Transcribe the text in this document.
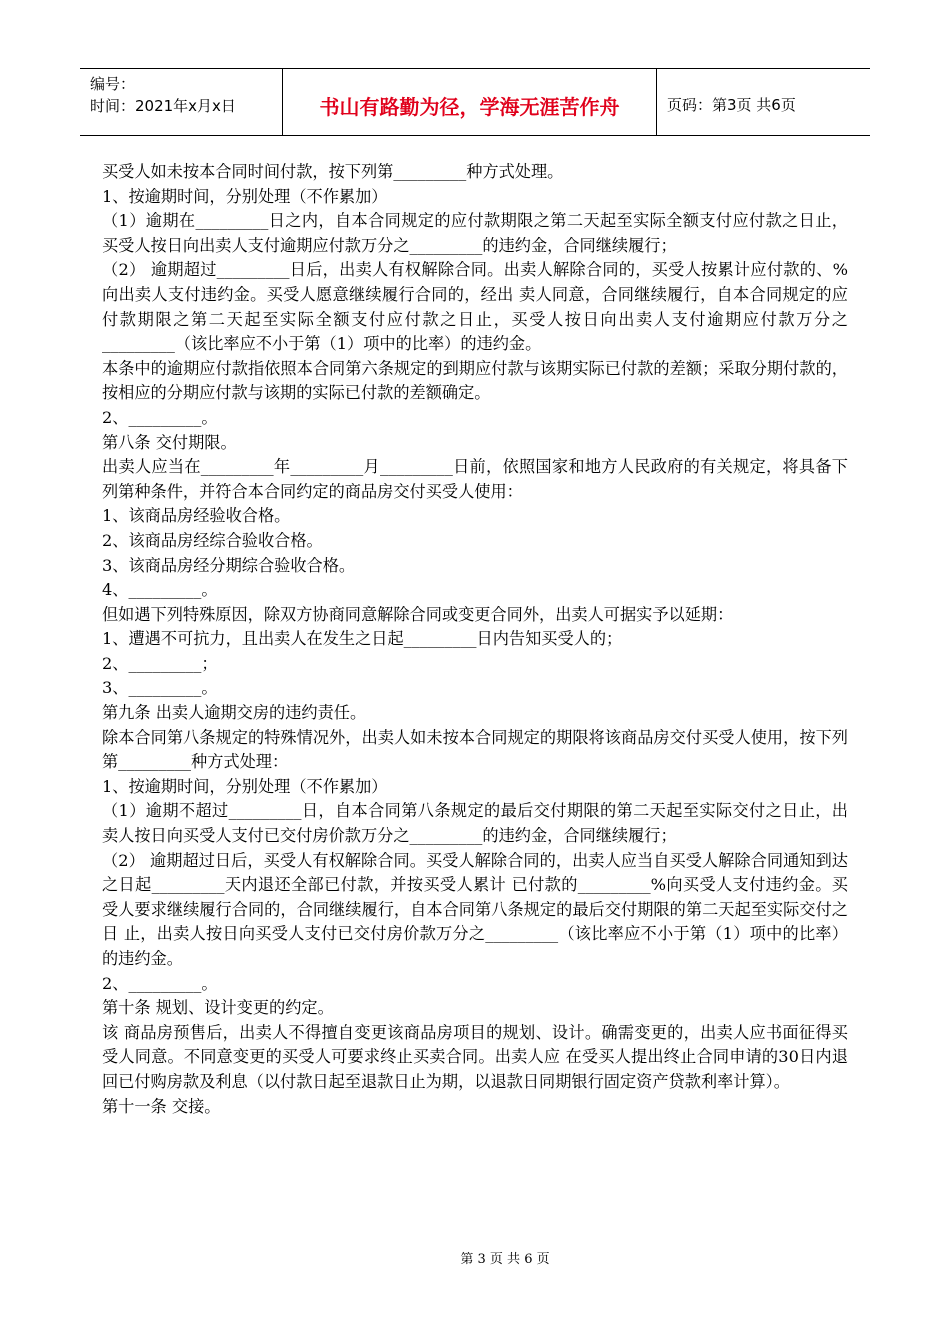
编号：
时间：2021年x月x日	书山有路勤为径，学海无涯苦作舟	页码：第3页 共6页

买受人如未按本合同时间付款，按下列第_________种方式处理。

1、按逾期时间，分别处理（不作累加）

（1）逾期在_________日之内，自本合同规定的应付款期限之第二天起至实际全额支付应付款之日止，买受人按日向出卖人支付逾期应付款万分之_________的违约金，合同继续履行；

（2） 逾期超过_________日后，出卖人有权解除合同。出卖人解除合同的，买受人按累计应付款的、%向出卖人支付违约金。买受人愿意继续履行合同的，经出 卖人同意，合同继续履行，自本合同规定的应付款期限之第二天起至实际全额支付应付款之日止，买受人按日向出卖人支付逾期应付款万分之 _________（该比率应不小于第（1）项中的比率）的违约金。

本条中的逾期应付款指依照本合同第六条规定的到期应付款与该期实际已付款的差额；采取分期付款的，按相应的分期应付款与该期的实际已付款的差额确定。

2、_________。

第八条 交付期限。

出卖人应当在_________年_________月_________日前，依照国家和地方人民政府的有关规定，将具备下列第种条件，并符合本合同约定的商品房交付买受人使用：

1、该商品房经验收合格。

2、该商品房经综合验收合格。

3、该商品房经分期综合验收合格。

4、_________。

但如遇下列特殊原因，除双方协商同意解除合同或变更合同外，出卖人可据实予以延期：

1、遭遇不可抗力，且出卖人在发生之日起_________日内告知买受人的；

2、_________；

3、_________。

第九条 出卖人逾期交房的违约责任。

除本合同第八条规定的特殊情况外，出卖人如未按本合同规定的期限将该商品房交付买受人使用，按下列第_________种方式处理：

1、按逾期时间，分别处理（不作累加）

（1）逾期不超过_________日，自本合同第八条规定的最后交付期限的第二天起至实际交付之日止，出卖人按日向买受人支付已交付房价款万分之_________的违约金，合同继续履行；

（2） 逾期超过日后，买受人有权解除合同。买受人解除合同的，出卖人应当自买受人解除合同通知到达之日起_________天内退还全部已付款，并按买受人累计 已付款的_________%向买受人支付违约金。买受人要求继续履行合同的，合同继续履行，自本合同第八条规定的最后交付期限的第二天起至实际交付之日 止，出卖人按日向买受人支付已交付房价款万分之_________（该比率应不小于第（1）项中的比率）的违约金。

2、_________。

第十条 规划、设计变更的约定。

该 商品房预售后，出卖人不得擅自变更该商品房项目的规划、设计。确需变更的，出卖人应书面征得买受人同意。不同意变更的买受人可要求终止买卖合同。出卖人应 在受买人提出终止合同申请的30日内退回已付购房款及利息（以付款日起至退款日止为期，以退款日同期银行固定资产贷款利率计算）。

第十一条 交接。

第 3 页 共 6 页
